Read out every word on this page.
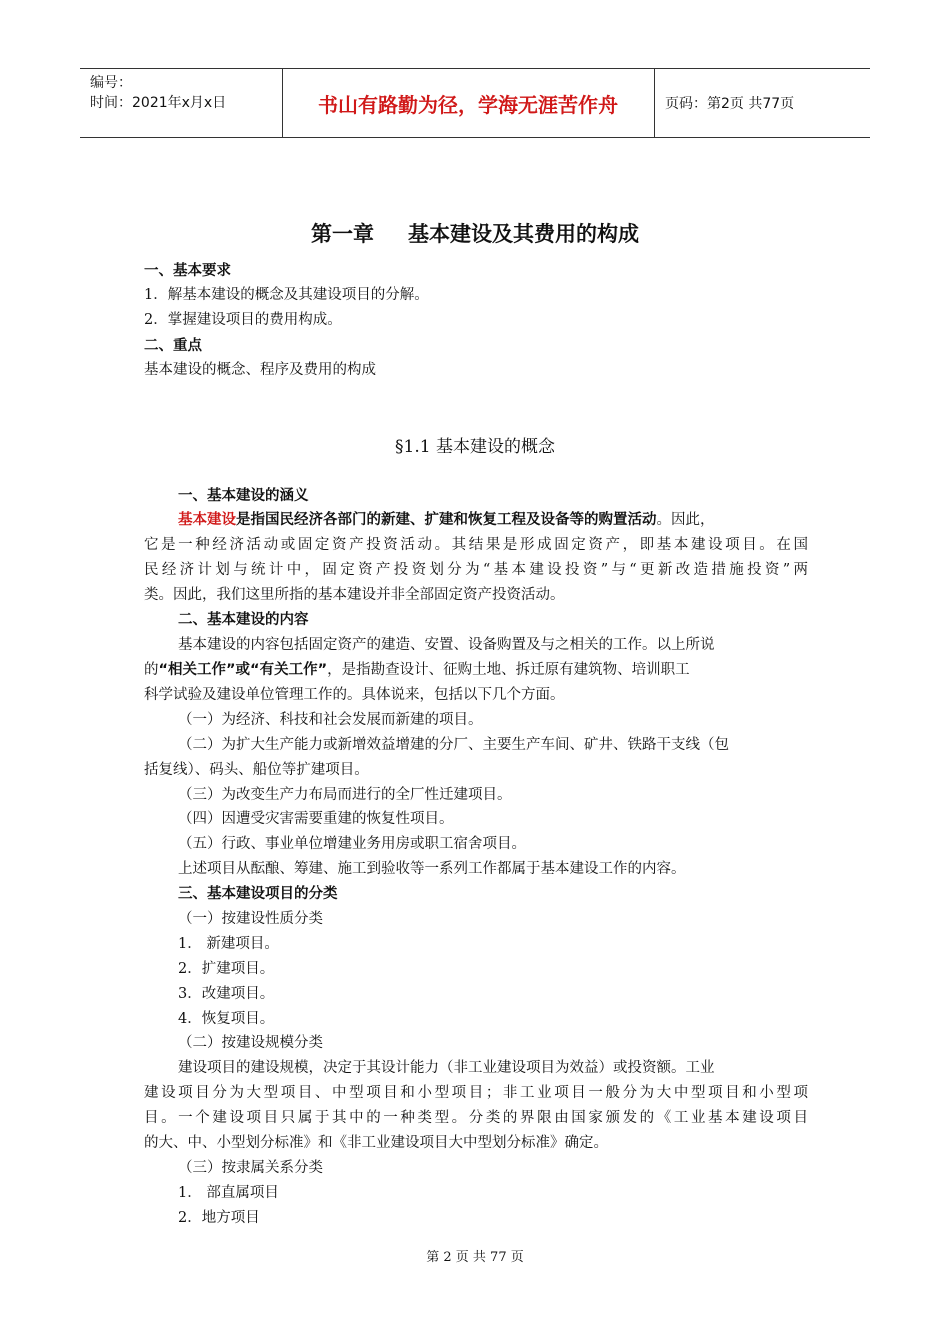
编号：
时间：2021年x月x日	书山有路勤为径，学海无涯苦作舟	页码：第2页 共77页
第一章 基本建设及其费用的构成
一、基本要求
1．解基本建设的概念及其建设项目的分解。
2．掌握建设项目的费用构成。
二、重点
基本建设的概念、程序及费用的构成
§1.1 基本建设的概念
一、基本建设的涵义
基本建设是指国民经济各部门的新建、扩建和恢复工程及设备等的购置活动。因此，
它是一种经济活动或固定资产投资活动。其结果是形成固定资产，即基本建设项目。在国
民经济计划与统计中，固定资产投资划分为“基本建设投资”与“更新改造措施投资”两
类。因此，我们这里所指的基本建设并非全部固定资产投资活动。
二、基本建设的内容
基本建设的内容包括固定资产的建造、安置、设备购置及与之相关的工作。以上所说
的“相关工作”或“有关工作”，是指勘查设计、征购土地、拆迁原有建筑物、培训职工
科学试验及建设单位管理工作的。具体说来，包括以下几个方面。
（一）为经济、科技和社会发展而新建的项目。
（二）为扩大生产能力或新增效益增建的分厂、主要生产车间、矿井、铁路干支线（包
括复线）、码头、船位等扩建项目。
（三）为改变生产力布局而进行的全厂性迁建项目。
（四）因遭受灾害需要重建的恢复性项目。
（五）行政、事业单位增建业务用房或职工宿舍项目。
上述项目从酝酿、筹建、施工到验收等一系列工作都属于基本建设工作的内容。
三、基本建设项目的分类
（一）按建设性质分类
1． 新建项目。
2．扩建项目。
3．改建项目。
4．恢复项目。
（二）按建设规模分类
建设项目的建设规模，决定于其设计能力（非工业建设项目为效益）或投资额。工业
建设项目分为大型项目、中型项目和小型项目；非工业项目一般分为大中型项目和小型项
目。一个建设项目只属于其中的一种类型。分类的界限由国家颁发的《工业基本建设项目
的大、中、小型划分标准》和《非工业建设项目大中型划分标准》确定。
（三）按隶属关系分类
1． 部直属项目
2．地方项目
第 2 页 共 77 页
